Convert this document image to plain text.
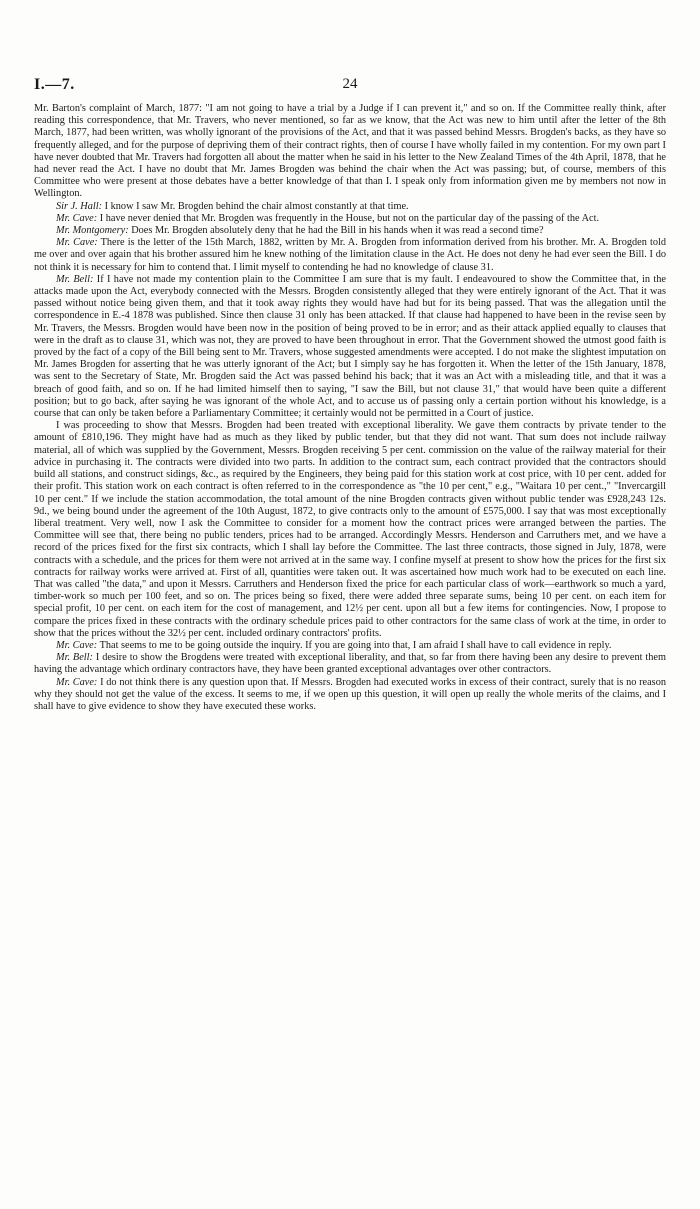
I.—7.	24

Mr. Barton's complaint of March, 1877: "I am not going to have a trial by a Judge if I can prevent it," and so on. If the Committee really think, after reading this correspondence, that Mr. Travers, who never mentioned, so far as we know, that the Act was new to him until after the letter of the 8th March, 1877, had been written, was wholly ignorant of the provisions of the Act, and that it was passed behind Messrs. Brogden's backs, as they have so frequently alleged, and for the purpose of depriving them of their contract rights, then of course I have wholly failed in my contention. For my own part I have never doubted that Mr. Travers had forgotten all about the matter when he said in his letter to the New Zealand Times of the 4th April, 1878, that he had never read the Act. I have no doubt that Mr. James Brogden was behind the chair when the Act was passing; but, of course, members of this Committee who were present at those debates have a better knowledge of that than I. I speak only from information given me by members not now in Wellington.

Sir J. Hall: I know I saw Mr. Brogden behind the chair almost constantly at that time.

Mr. Cave: I have never denied that Mr. Brogden was frequently in the House, but not on the particular day of the passing of the Act.

Mr. Montgomery: Does Mr. Brogden absolutely deny that he had the Bill in his hands when it was read a second time?

Mr. Cave: There is the letter of the 15th March, 1882, written by Mr. A. Brogden from information derived from his brother. Mr. A. Brogden told me over and over again that his brother assured him he knew nothing of the limitation clause in the Act. He does not deny he had ever seen the Bill. I do not think it is necessary for him to contend that. I limit myself to contending he had no knowledge of clause 31.

Mr. Bell: If I have not made my contention plain to the Committee I am sure that is my fault. I endeavoured to show the Committee that, in the attacks made upon the Act, everybody connected with the Messrs. Brogden consistently alleged that they were entirely ignorant of the Act. That it was passed without notice being given them, and that it took away rights they would have had but for its being passed. That was the allegation until the correspondence in E.-4 1878 was published. Since then clause 31 only has been attacked. If that clause had happened to have been in the revise seen by Mr. Travers, the Messrs. Brogden would have been now in the position of being proved to be in error; and as their attack applied equally to clauses that were in the draft as to clause 31, which was not, they are proved to have been throughout in error. That the Government showed the utmost good faith is proved by the fact of a copy of the Bill being sent to Mr. Travers, whose suggested amendments were accepted. I do not make the slightest imputation on Mr. James Brogden for asserting that he was utterly ignorant of the Act; but I simply say he has forgotten it. When the letter of the 15th January, 1878, was sent to the Secretary of State, Mr. Brogden said the Act was passed behind his back; that it was an Act with a misleading title, and that it was a breach of good faith, and so on. If he had limited himself then to saying, "I saw the Bill, but not clause 31," that would have been quite a different position; but to go back, after saying he was ignorant of the whole Act, and to accuse us of passing only a certain portion without his knowledge, is a course that can only be taken before a Parliamentary Committee; it certainly would not be permitted in a Court of justice.

I was proceeding to show that Messrs. Brogden had been treated with exceptional liberality. We gave them contracts by private tender to the amount of £810,196. They might have had as much as they liked by public tender, but that they did not want. That sum does not include railway material, all of which was supplied by the Government, Messrs. Brogden receiving 5 per cent. commission on the value of the railway material for their advice in purchasing it. The contracts were divided into two parts. In addition to the contract sum, each contract provided that the contractors should build all stations, and construct sidings, &c., as required by the Engineers, they being paid for this station work at cost price, with 10 per cent. added for their profit. This station work on each contract is often referred to in the correspondence as "the 10 per cent," e.g., "Waitara 10 per cent.," "Invercargill 10 per cent." If we include the station accommodation, the total amount of the nine Brogden contracts given without public tender was £928,243 12s. 9d., we being bound under the agreement of the 10th August, 1872, to give contracts only to the amount of £575,000. I say that was most exceptionally liberal treatment. Very well, now I ask the Committee to consider for a moment how the contract prices were arranged between the parties. The Committee will see that, there being no public tenders, prices had to be arranged. Accordingly Messrs. Henderson and Carruthers met, and we have a record of the prices fixed for the first six contracts, which I shall lay before the Committee. The last three contracts, those signed in July, 1878, were contracts with a schedule, and the prices for them were not arrived at in the same way. I confine myself at present to show how the prices for the first six contracts for railway works were arrived at. First of all, quantities were taken out. It was ascertained how much work had to be executed on each line. That was called "the data," and upon it Messrs. Carruthers and Henderson fixed the price for each particular class of work—earthwork so much a yard, timber-work so much per 100 feet, and so on. The prices being so fixed, there were added three separate sums, being 10 per cent. on each item for special profit, 10 per cent. on each item for the cost of management, and 12½ per cent. upon all but a few items for contingencies. Now, I propose to compare the prices fixed in these contracts with the ordinary schedule prices paid to other contractors for the same class of work at the time, in order to show that the prices without the 32½ per cent. included ordinary contractors' profits.

Mr. Cave: That seems to me to be going outside the inquiry. If you are going into that, I am afraid I shall have to call evidence in reply.

Mr. Bell: I desire to show the Brogdens were treated with exceptional liberality, and that, so far from there having been any desire to prevent them having the advantage which ordinary contractors have, they have been granted exceptional advantages over other contractors.

Mr. Cave: I do not think there is any question upon that. If Messrs. Brogden had executed works in excess of their contract, surely that is no reason why they should not get the value of the excess. It seems to me, if we open up this question, it will open up really the whole merits of the claims, and I shall have to give evidence to show they have executed these works.
